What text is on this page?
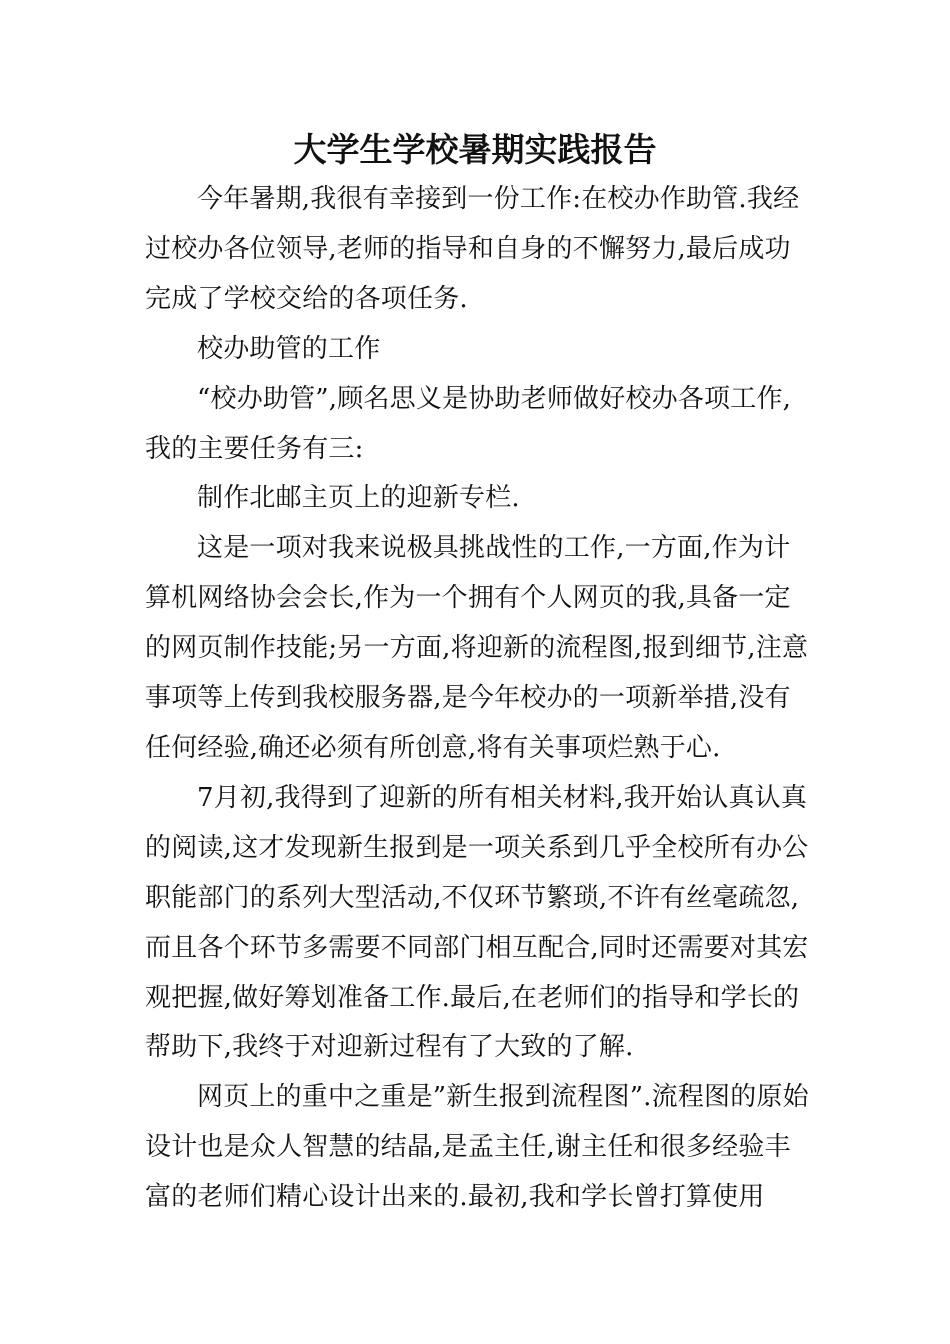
大学生学校暑期实践报告

今年暑期,我很有幸接到一份工作:在校办作助管.我经过校办各位领导,老师的指导和自身的不懈努力,最后成功完成了学校交给的各项任务.

校办助管的工作

“校办助管”,顾名思义是协助老师做好校办各项工作,我的主要任务有三:

制作北邮主页上的迎新专栏.

这是一项对我来说极具挑战性的工作,一方面,作为计算机网络协会会长,作为一个拥有个人网页的我,具备一定的网页制作技能;另一方面,将迎新的流程图,报到细节,注意事项等上传到我校服务器,是今年校办的一项新举措,没有任何经验,确还必须有所创意,将有关事项烂熟于心.

7月初,我得到了迎新的所有相关材料,我开始认真认真的阅读,这才发现新生报到是一项关系到几乎全校所有办公职能部门的系列大型活动,不仅环节繁琐,不许有丝毫疏忽,而且各个环节多需要不同部门相互配合,同时还需要对其宏观把握,做好筹划准备工作.最后,在老师们的指导和学长的帮助下,我终于对迎新过程有了大致的了解.

网页上的重中之重是”新生报到流程图”.流程图的原始设计也是众人智慧的结晶,是孟主任,谢主任和很多经验丰富的老师们精心设计出来的.最初,我和学长曾打算使用
